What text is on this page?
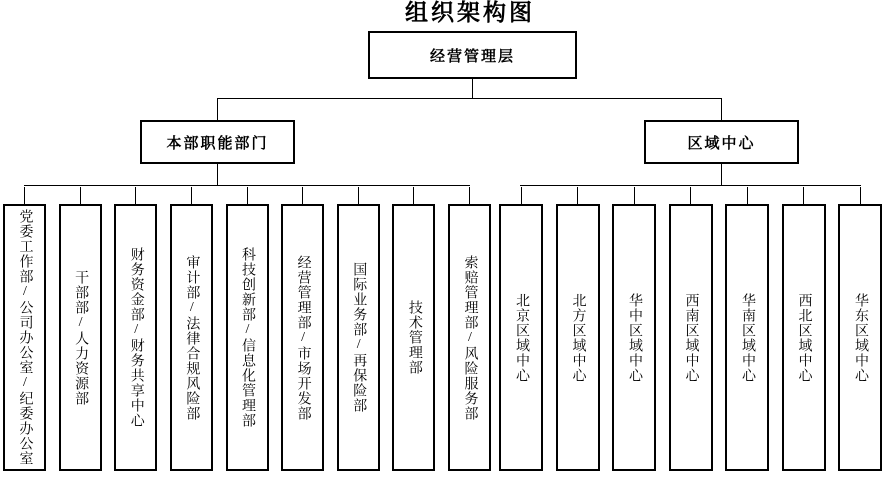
组织架构图
经营管理层
本部职能部门	区域中心
党委工作部/公司办公室/纪委办公室	干部部/人力资源部	财务资金部/财务共享中心	审计部/法律合规风险部	科技创新部/信息化管理部	经营管理部/市场开发部	国际业务部/再保险部	技术管理部	索赔管理部/风险服务部	北京区域中心	北方区域中心	华中区域中心	西南区域中心	华南区域中心	西北区域中心	华东区域中心
